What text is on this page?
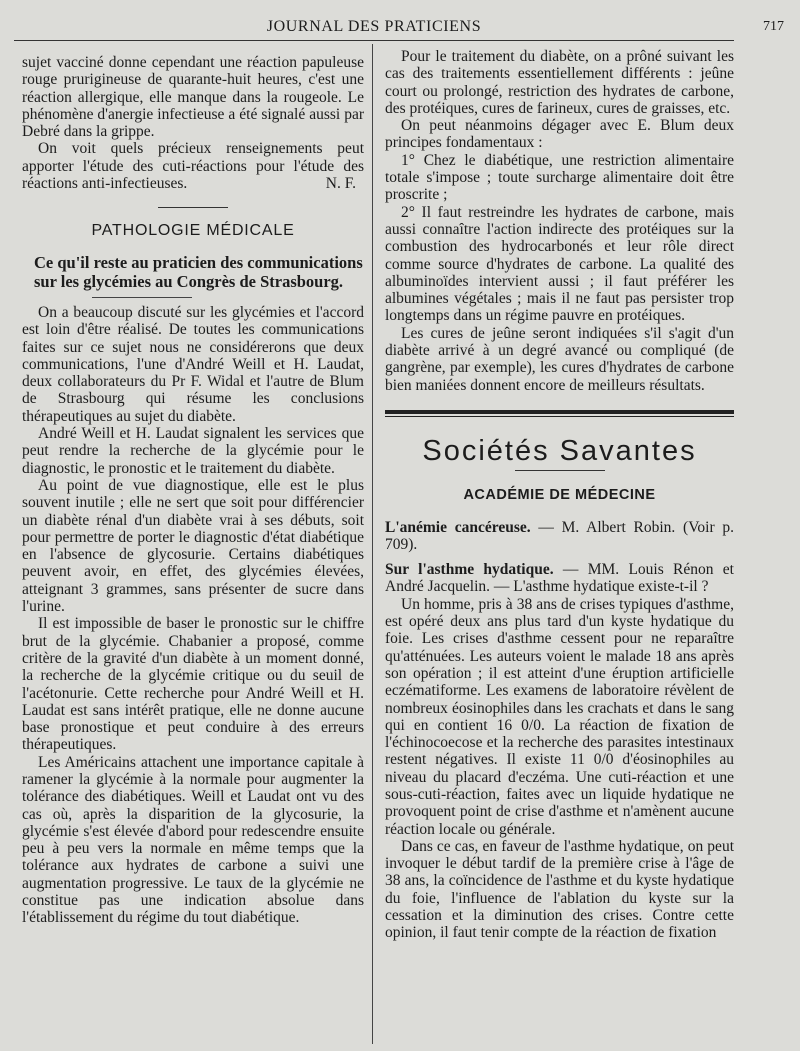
JOURNAL DES PRATICIENS	717

sujet vacciné donne cependant une réaction papuleuse rouge prurigineuse de quarante-huit heures, c'est une réaction allergique, elle manque dans la rougeole. Le phénomène d'anergie infectieuse a été signalé aussi par Debré dans la grippe.

On voit quels précieux renseignements peut apporter l'étude des cuti-réactions pour l'étude des réactions anti-infectieuses.	N. F.
PATHOLOGIE MÉDICALE
Ce qu'il reste au praticien des communications sur les glycémies au Congrès de Strasbourg.

On a beaucoup discuté sur les glycémies et l'accord est loin d'être réalisé. De toutes les communications faites sur ce sujet nous ne considérerons que deux communications, l'une d'André Weill et H. Laudat, deux collaborateurs du Pr F. Widal et l'autre de Blum de Strasbourg qui résume les conclusions thérapeutiques au sujet du diabète.

André Weill et H. Laudat signalent les services que peut rendre la recherche de la glycémie pour le diagnostic, le pronostic et le traitement du diabète.

Au point de vue diagnostique, elle est le plus souvent inutile ; elle ne sert que soit pour différencier un diabète rénal d'un diabète vrai à ses débuts, soit pour permettre de porter le diagnostic d'état diabétique en l'absence de glycosurie. Certains diabétiques peuvent avoir, en effet, des glycémies élevées, atteignant 3 grammes, sans présenter de sucre dans l'urine.

Il est impossible de baser le pronostic sur le chiffre brut de la glycémie. Chabanier a proposé, comme critère de la gravité d'un diabète à un moment donné, la recherche de la glycémie critique ou du seuil de l'acétonurie. Cette recherche pour André Weill et H. Laudat est sans intérêt pratique, elle ne donne aucune base pronostique et peut conduire à des erreurs thérapeutiques.

Les Américains attachent une importance capitale à ramener la glycémie à la normale pour augmenter la tolérance des diabétiques. Weill et Laudat ont vu des cas où, après la disparition de la glycosurie, la glycémie s'est élevée d'abord pour redescendre ensuite peu à peu vers la normale en même temps que la tolérance aux hydrates de carbone a suivi une augmentation progressive. Le taux de la glycémie ne constitue pas une indication absolue dans l'établissement du régime du tout diabétique.

Pour le traitement du diabète, on a prôné suivant les cas des traitements essentiellement différents : jeûne court ou prolongé, restriction des hydrates de carbone, des protéiques, cures de farineux, cures de graisses, etc.

On peut néanmoins dégager avec E. Blum deux principes fondamentaux :

1° Chez le diabétique, une restriction alimentaire totale s'impose ; toute surcharge alimentaire doit être proscrite ;

2° Il faut restreindre les hydrates de carbone, mais aussi connaître l'action indirecte des protéiques sur la combustion des hydrocarbonés et leur rôle direct comme source d'hydrates de carbone. La qualité des albuminoïdes intervient aussi ; il faut préférer les albumines végétales ; mais il ne faut pas persister trop longtemps dans un régime pauvre en protéiques.

Les cures de jeûne seront indiquées s'il s'agit d'un diabète arrivé à un degré avancé ou compliqué (de gangrène, par exemple), les cures d'hydrates de carbone bien maniées donnent encore de meilleurs résultats.

Sociétés Savantes
ACADÉMIE DE MÉDECINE

L'anémie cancéreuse. — M. Albert Robin. (Voir p. 709).

Sur l'asthme hydatique. — MM. Louis Rénon et André Jacquelin. — L'asthme hydatique existe-t-il ?

Un homme, pris à 38 ans de crises typiques d'asthme, est opéré deux ans plus tard d'un kyste hydatique du foie. Les crises d'asthme cessent pour ne reparaître qu'atténuées. Les auteurs voient le malade 18 ans après son opération ; il est atteint d'une éruption artificielle eczématiforme. Les examens de laboratoire révèlent de nombreux éosinophiles dans les crachats et dans le sang qui en contient 16 0/0. La réaction de fixation de l'échinocoecose et la recherche des parasites intestinaux restent négatives. Il existe 11 0/0 d'éosinophiles au niveau du placard d'eczéma. Une cuti-réaction et une sous-cuti-réaction, faites avec un liquide hydatique ne provoquent point de crise d'asthme et n'amènent aucune réaction locale ou générale.

Dans ce cas, en faveur de l'asthme hydatique, on peut invoquer le début tardif de la première crise à l'âge de 38 ans, la coïncidence de l'asthme et du kyste hydatique du foie, l'influence de l'ablation du kyste sur la cessation et la diminution des crises. Contre cette opinion, il faut tenir compte de la réaction de fixation
